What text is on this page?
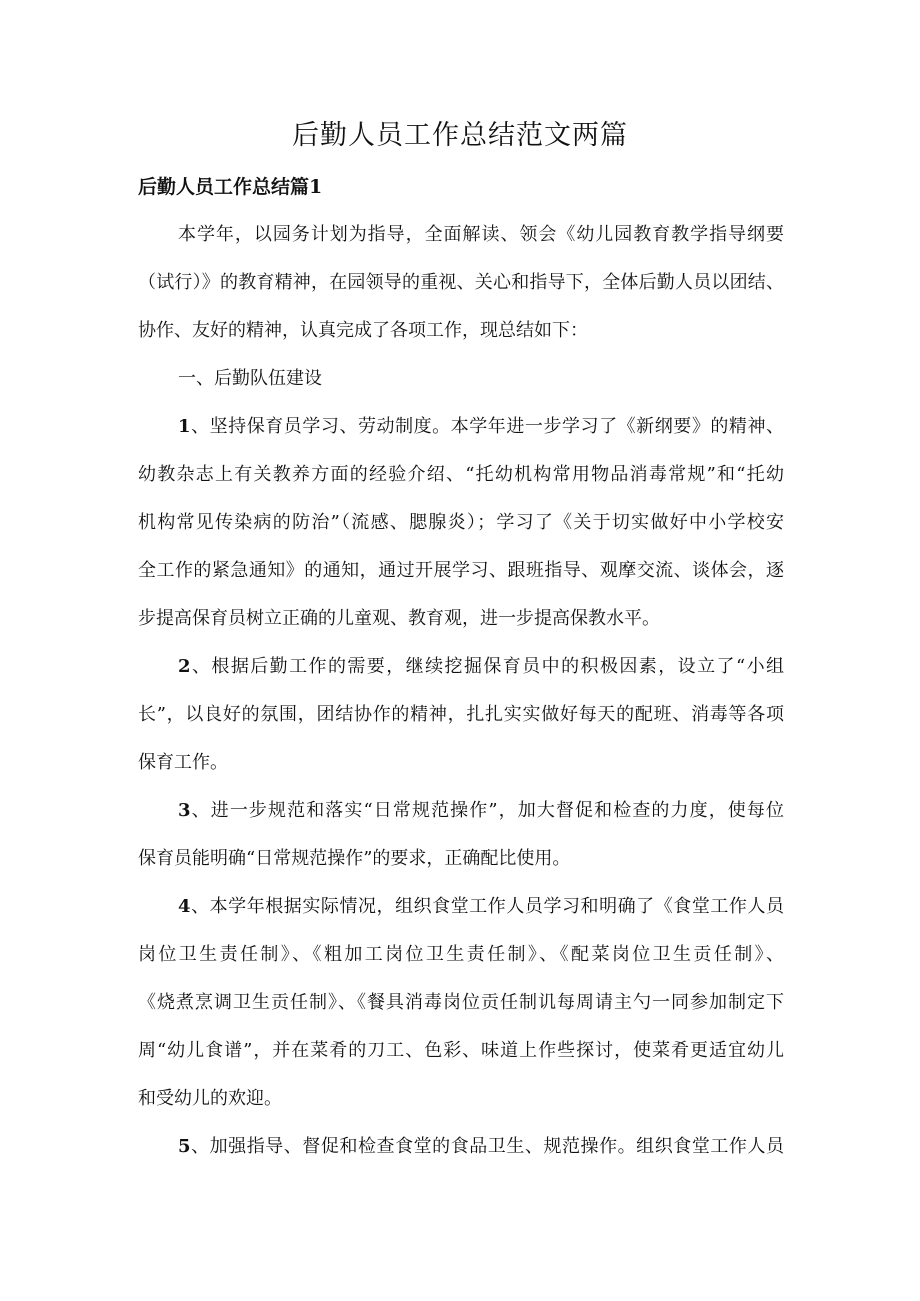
后勤人员工作总结范文两篇
后勤人员工作总结篇1

本学年，以园务计划为指导，全面解读、领会《幼儿园教育教学指导纲要
（试行）》的教育精神，在园领导的重视、关心和指导下，全体后勤人员以团结、
协作、友好的精神，认真完成了各项工作，现总结如下：

一、后勤队伍建设

1、坚持保育员学习、劳动制度。本学年进一步学习了《新纲要》的精神、
幼教杂志上有关教养方面的经验介绍、“托幼机构常用物品消毒常规”和“托幼
机构常见传染病的防治”（流感、腮腺炎）；学习了《关于切实做好中小学校安
全工作的紧急通知》的通知，通过开展学习、跟班指导、观摩交流、谈体会，逐
步提高保育员树立正确的儿童观、教育观，进一步提高保教水平。

2、根据后勤工作的需要，继续挖掘保育员中的积极因素，设立了“小组
长”，以良好的氛围，团结协作的精神，扎扎实实做好每天的配班、消毒等各项
保育工作。

3、进一步规范和落实“日常规范操作”，加大督促和检查的力度，使每位
保育员能明确“日常规范操作”的要求，正确配比使用。

4、本学年根据实际情况，组织食堂工作人员学习和明确了《食堂工作人员
岗位卫生责任制》、《粗加工岗位卫生责任制》、《配菜岗位卫生贡任制》、
《烧煮烹调卫生贡任制》、《餐具消毒岗位贡任制讥每周请主勺一同参加制定下
周“幼儿食谱”，并在菜肴的刀工、色彩、味道上作些探讨，使菜肴更适宜幼儿
和受幼儿的欢迎。

5、加强指导、督促和检查食堂的食品卫生、规范操作。组织食堂工作人员
